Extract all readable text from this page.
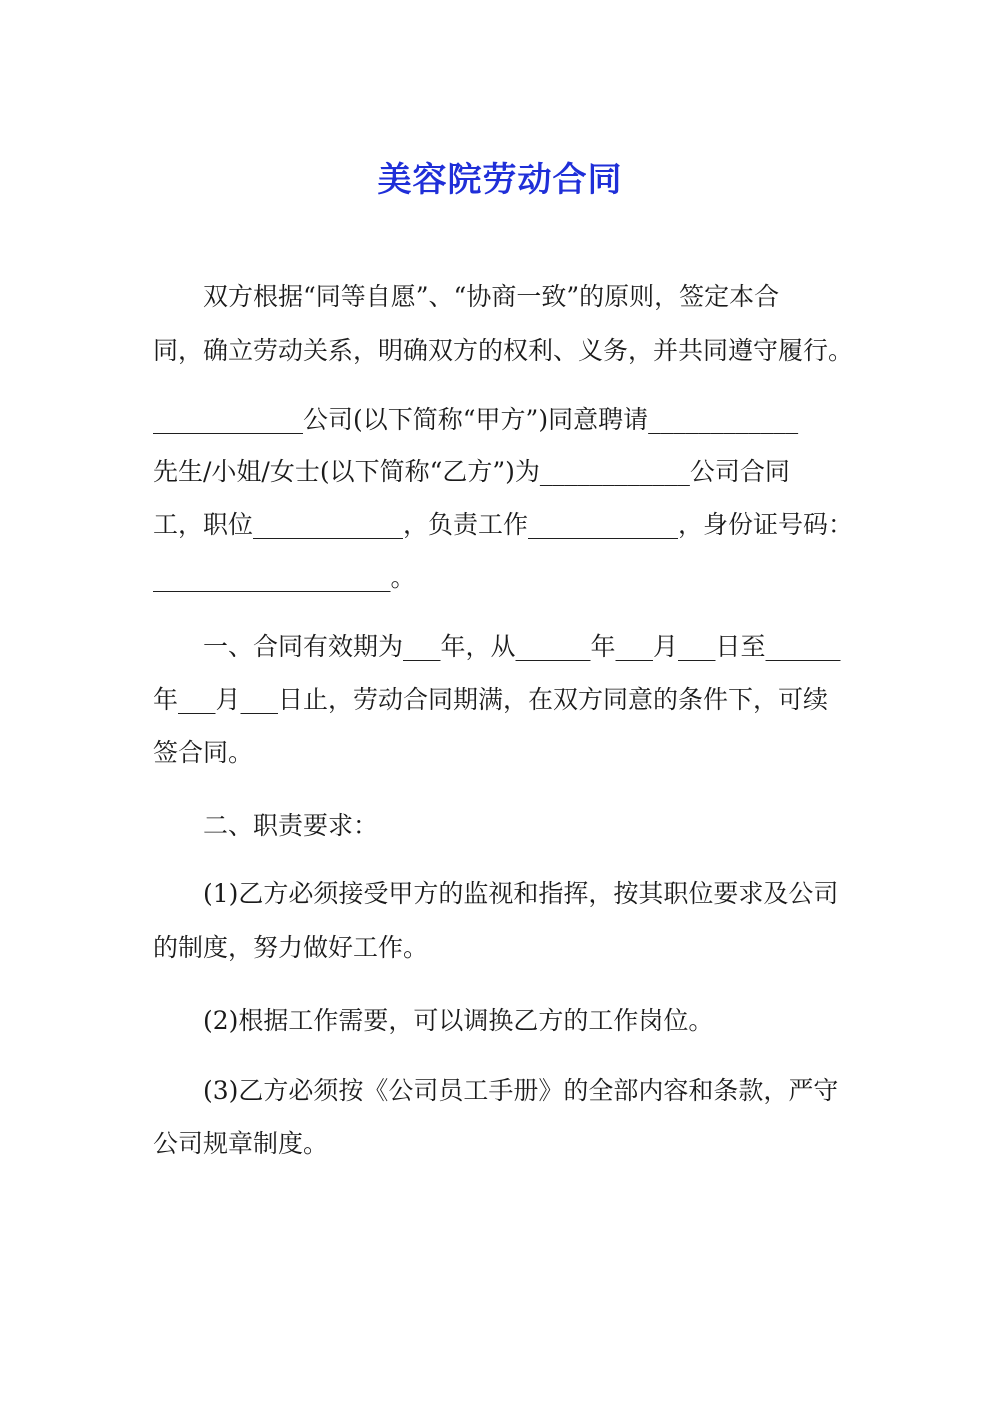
美容院劳动合同
双方根据“同等自愿”、“协商一致”的原则，签定本合
同，确立劳动关系，明确双方的权利、义务，并共同遵守履行。
____________公司(以下简称“甲方”)同意聘请____________
先生/小姐/女士(以下简称“乙方”)为____________公司合同
工，职位____________，负责工作____________，身份证号码：
___________________。
一、合同有效期为___年，从______年___月___日至______
年___月___日止，劳动合同期满，在双方同意的条件下，可续
签合同。
二、职责要求：
(1)乙方必须接受甲方的监视和指挥，按其职位要求及公司
的制度，努力做好工作。
(2)根据工作需要，可以调换乙方的工作岗位。
(3)乙方必须按《公司员工手册》的全部内容和条款，严守
公司规章制度。
